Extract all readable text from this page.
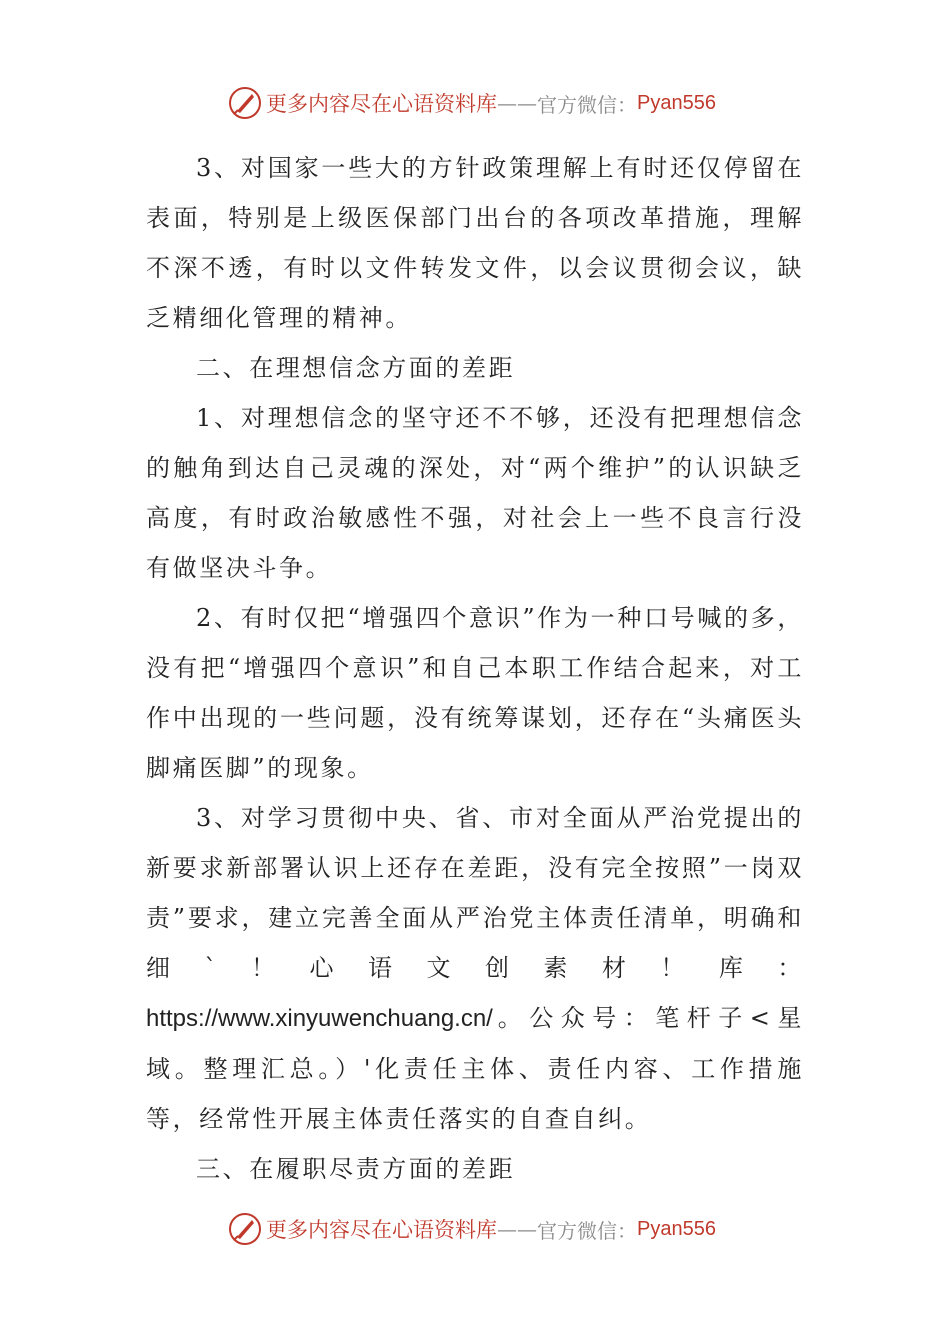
更多内容尽在心语资料库 —— 官方微信： Pyan556

3、对国家一些大的方针政策理解上有时还仅停留在表面，特别是上级医保部门出台的各项改革措施，理解不深不透，有时以文件转发文件，以会议贯彻会议，缺乏精细化管理的精神。

二、在理想信念方面的差距

1、对理想信念的坚守还不不够，还没有把理想信念的触角到达自己灵魂的深处，对“两个维护”的认识缺乏高度，有时政治敏感性不强，对社会上一些不良言行没有做坚决斗争。

2、有时仅把“增强四个意识”作为一种口号喊的多，没有把“增强四个意识”和自己本职工作结合起来，对工作中出现的一些问题，没有统筹谋划，还存在“头痛医头脚痛医脚”的现象。

3、对学习贯彻中央、省、市对全面从严治党提出的新要求新部署认识上还存在差距，没有完全按照”一岗双责”要求，建立完善全面从严治党主体责任清单，明确和细`！心语文创素材！库：https://www.xinyuwenchuang.cn/。公众号：笔杆子<星域。整理汇总。）'化责任主体、责任内容、工作措施等，经常性开展主体责任落实的自查自纠。

三、在履职尽责方面的差距

更多内容尽在心语资料库 —— 官方微信： Pyan556
